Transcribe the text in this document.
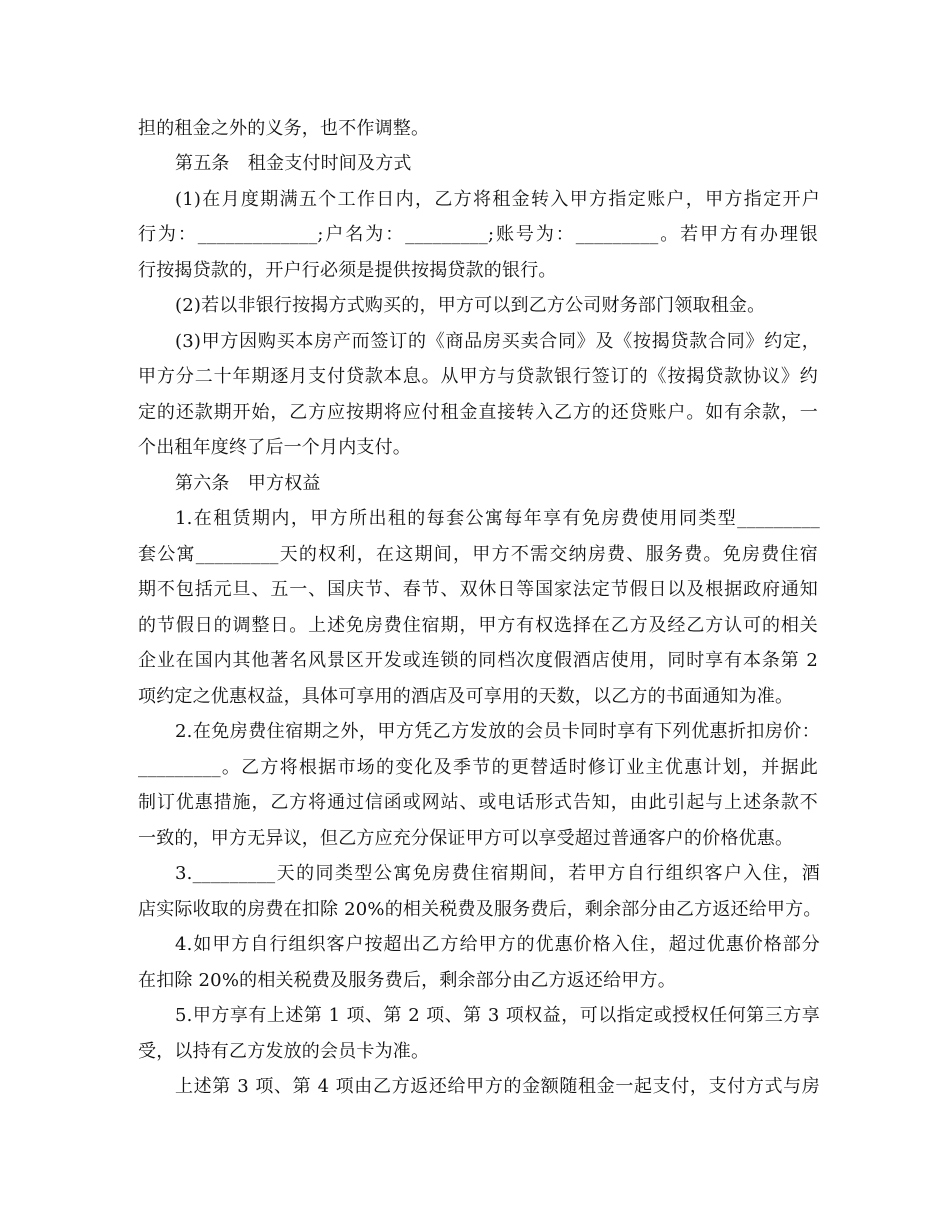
担的租金之外的义务，也不作调整。
第五条　租金支付时间及方式
(1)在月度期满五个工作日内，乙方将租金转入甲方指定账户，甲方指定开户
行为：_____________;户名为：_________;账号为：_________。若甲方有办理银
行按揭贷款的，开户行必须是提供按揭贷款的银行。
(2)若以非银行按揭方式购买的，甲方可以到乙方公司财务部门领取租金。
(3)甲方因购买本房产而签订的《商品房买卖合同》及《按揭贷款合同》约定，
甲方分二十年期逐月支付贷款本息。从甲方与贷款银行签订的《按揭贷款协议》约
定的还款期开始，乙方应按期将应付租金直接转入乙方的还贷账户。如有余款，一
个出租年度终了后一个月内支付。
第六条　甲方权益
1.在租赁期内，甲方所出租的每套公寓每年享有免房费使用同类型_________
套公寓_________天的权利，在这期间，甲方不需交纳房费、服务费。免房费住宿
期不包括元旦、五一、国庆节、春节、双休日等国家法定节假日以及根据政府通知
的节假日的调整日。上述免房费住宿期，甲方有权选择在乙方及经乙方认可的相关
企业在国内其他著名风景区开发或连锁的同档次度假酒店使用，同时享有本条第 2
项约定之优惠权益，具体可享用的酒店及可享用的天数，以乙方的书面通知为准。
2.在免房费住宿期之外，甲方凭乙方发放的会员卡同时享有下列优惠折扣房价：
_________。乙方将根据市场的变化及季节的更替适时修订业主优惠计划，并据此
制订优惠措施，乙方将通过信函或网站、或电话形式告知，由此引起与上述条款不
一致的，甲方无异议，但乙方应充分保证甲方可以享受超过普通客户的价格优惠。
3._________天的同类型公寓免房费住宿期间，若甲方自行组织客户入住，酒
店实际收取的房费在扣除 20%的相关税费及服务费后，剩余部分由乙方返还给甲方。
4.如甲方自行组织客户按超出乙方给甲方的优惠价格入住，超过优惠价格部分
在扣除 20%的相关税费及服务费后，剩余部分由乙方返还给甲方。
5.甲方享有上述第 1 项、第 2 项、第 3 项权益，可以指定或授权任何第三方享
受，以持有乙方发放的会员卡为准。
上述第 3 项、第 4 项由乙方返还给甲方的金额随租金一起支付，支付方式与房
